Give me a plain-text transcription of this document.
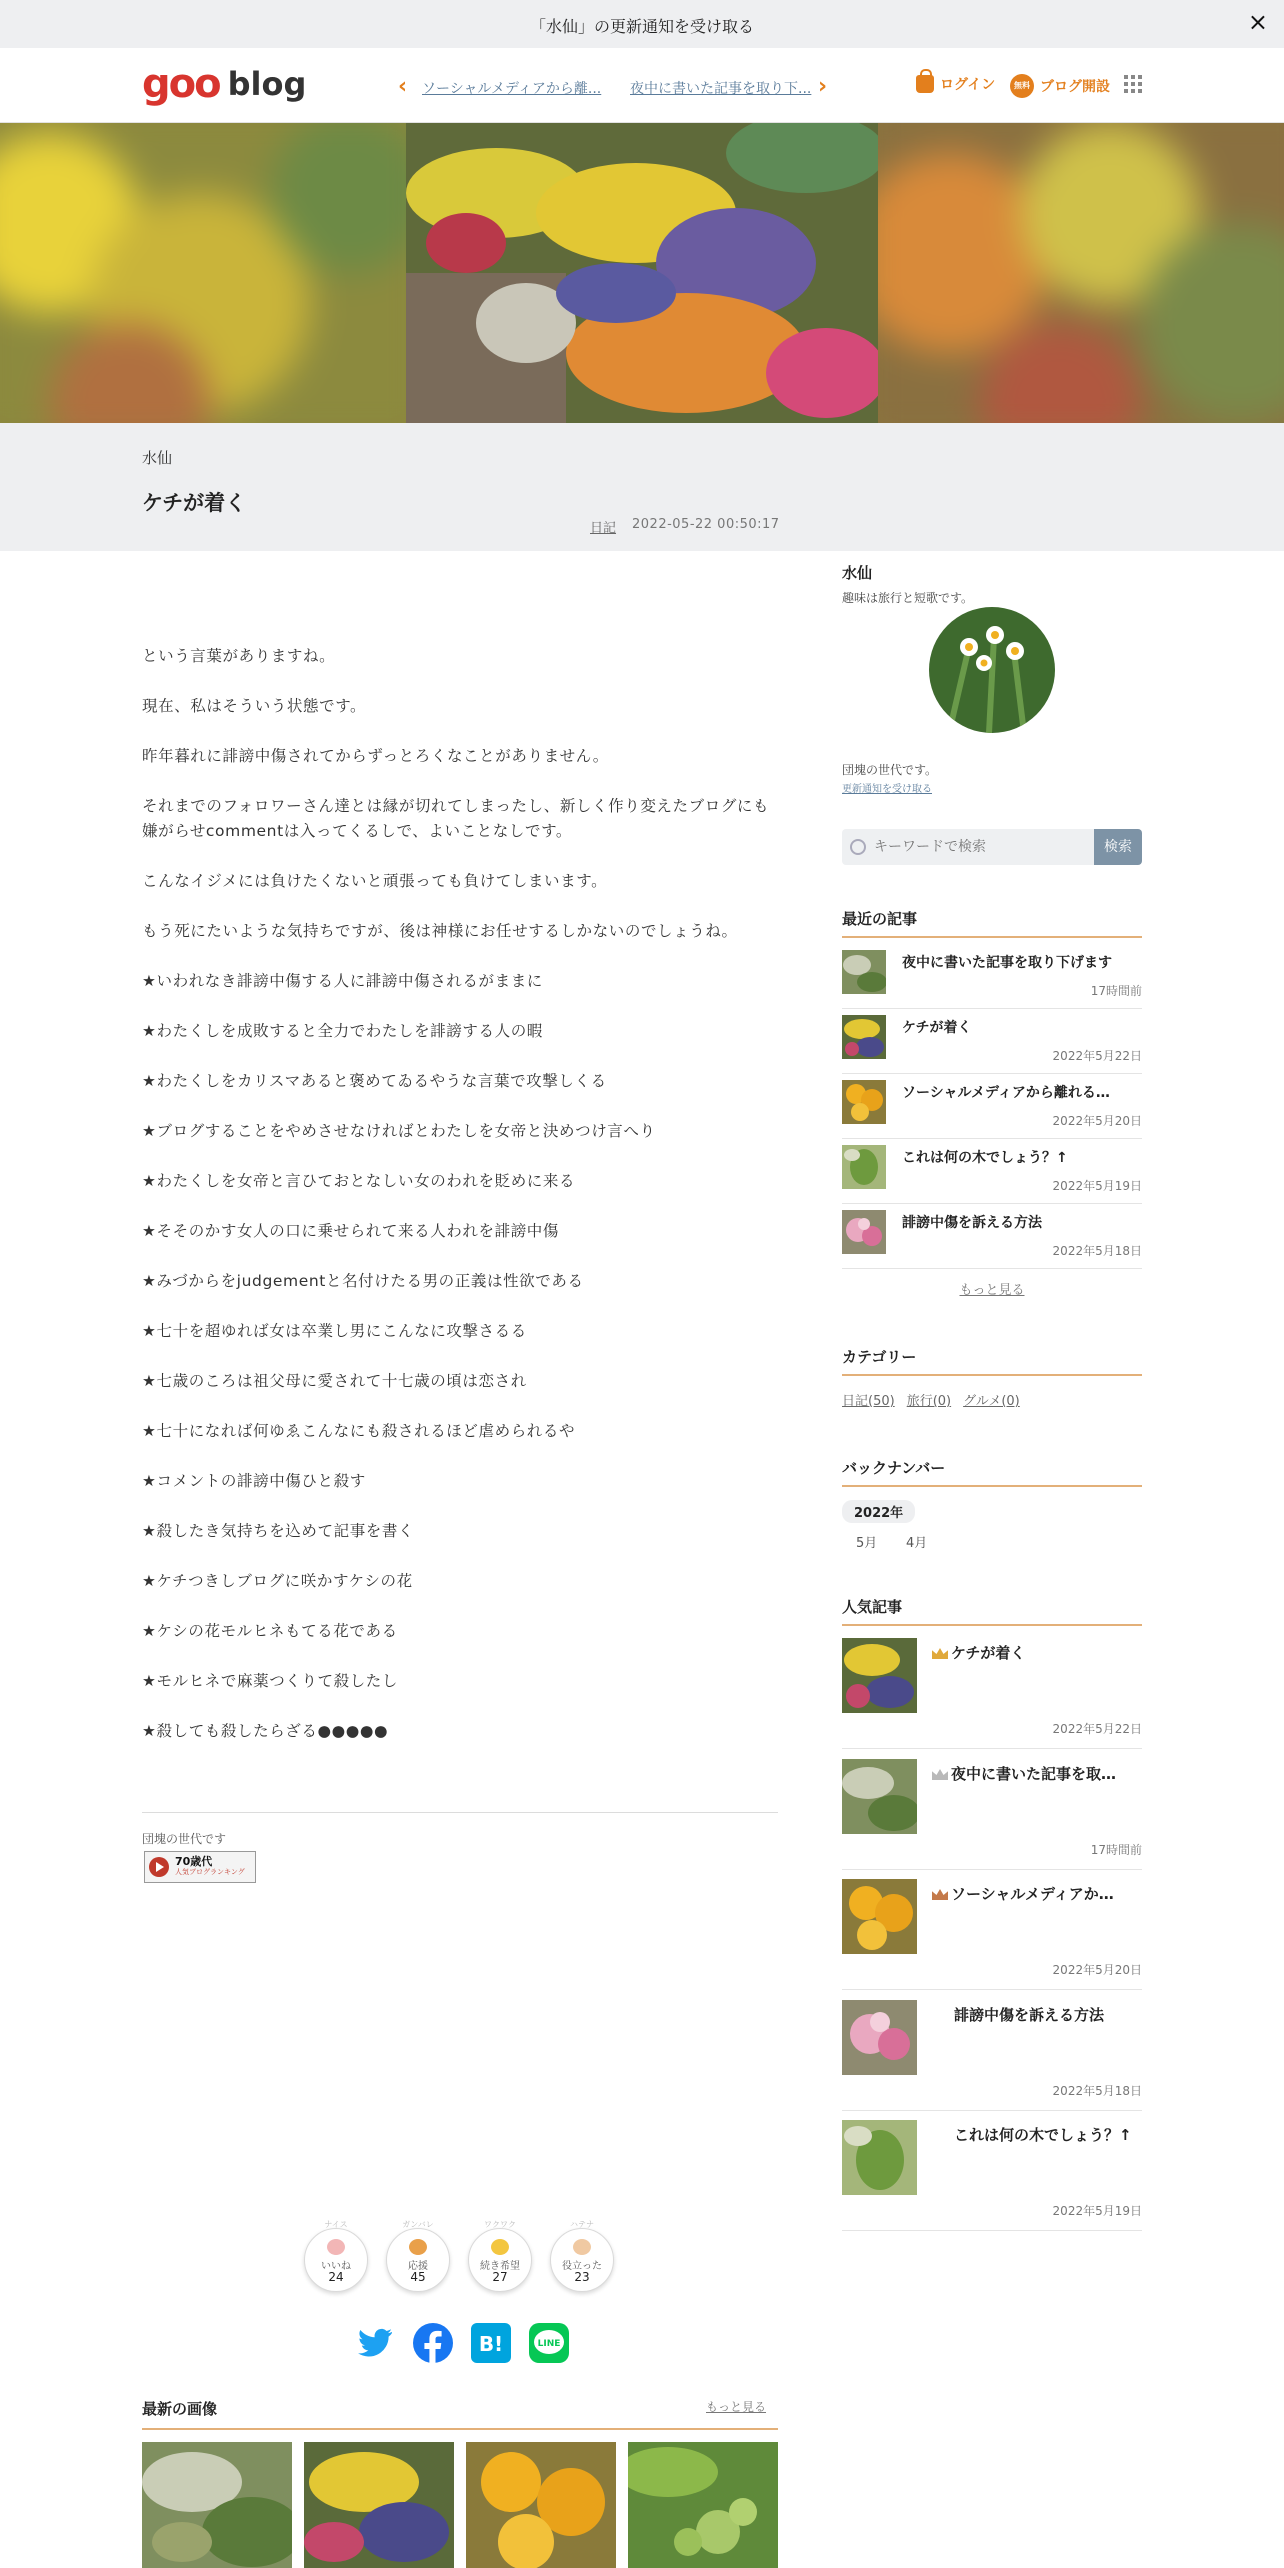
「水仙」の更新通知を受け取る	×
goo blog	‹ ソーシャルメディアから離...	夜中に書いた記事を取り下... ›	ログイン	無料 ブログ開設
水仙
ケチが着く
日記 2022-05-22 00:50:17

という言葉がありますね。

現在、私はそういう状態です。

昨年暮れに誹謗中傷されてからずっとろくなことがありません。

それまでのフォロワーさん達とは縁が切れてしまったし、新しく作り変えたブログにも嫌がらせcommentは入ってくるしで、よいことなしです。

こんなイジメには負けたくないと頑張っても負けてしまいます。

もう死にたいような気持ちですが、後は神様にお任せするしかないのでしょうね。

★いわれなき誹謗中傷する人に誹謗中傷されるがままに

★わたくしを成敗すると全力でわたしを誹謗する人の暇

★わたくしをカリスマあると褒めてゐるやうな言葉で攻撃しくる

★ブログすることをやめさせなければとわたしを女帝と決めつけ言へり

★わたくしを女帝と言ひておとなしい女のわれを貶めに来る

★そそのかす女人の口に乗せられて来る人われを誹謗中傷

★みづからをjudgementと名付けたる男の正義は性欲である

★七十を超ゆれば女は卒業し男にこんなに攻撃さるる

★七歳のころは祖父母に愛されて十七歳の頃は恋され

★七十になれば何ゆゑこんなにも殺されるほど虐められるや

★コメントの誹謗中傷ひと殺す

★殺したき気持ちを込めて記事を書く

★ケチつきしブログに咲かすケシの花

★ケシの花モルヒネもてる花である

★モルヒネで麻薬つくりて殺したし

★殺しても殺したらざる●●●●●

団塊の世代です
70歳代
人気ブログランキング
ナイス
いいね
24
ガンバレ
応援
45
ワクワク
続き希望
27
ハテナ
役立った
23
B!	LINE
最新の画像	もっと見る
水仙
趣味は旅行と短歌です。
団塊の世代です。
更新通知を受け取る
キーワードで検索
検索
最近の記事
夜中に書いた記事を取り下げます
17時間前
ケチが着く
2022年5月22日
ソーシャルメディアから離れる…
2022年5月20日
これは何の木でしょう？↑
2022年5月19日
誹謗中傷を訴える方法
2022年5月18日
もっと見る
カテゴリー
日記(50) 旅行(0) グルメ(0)
バックナンバー
2022年
5月 4月
人気記事
ケチが着く
2022年5月22日
夜中に書いた記事を取…
17時間前
ソーシャルメディアか…
2022年5月20日
誹謗中傷を訴える方法
2022年5月18日
これは何の木でしょう？↑
2022年5月19日
